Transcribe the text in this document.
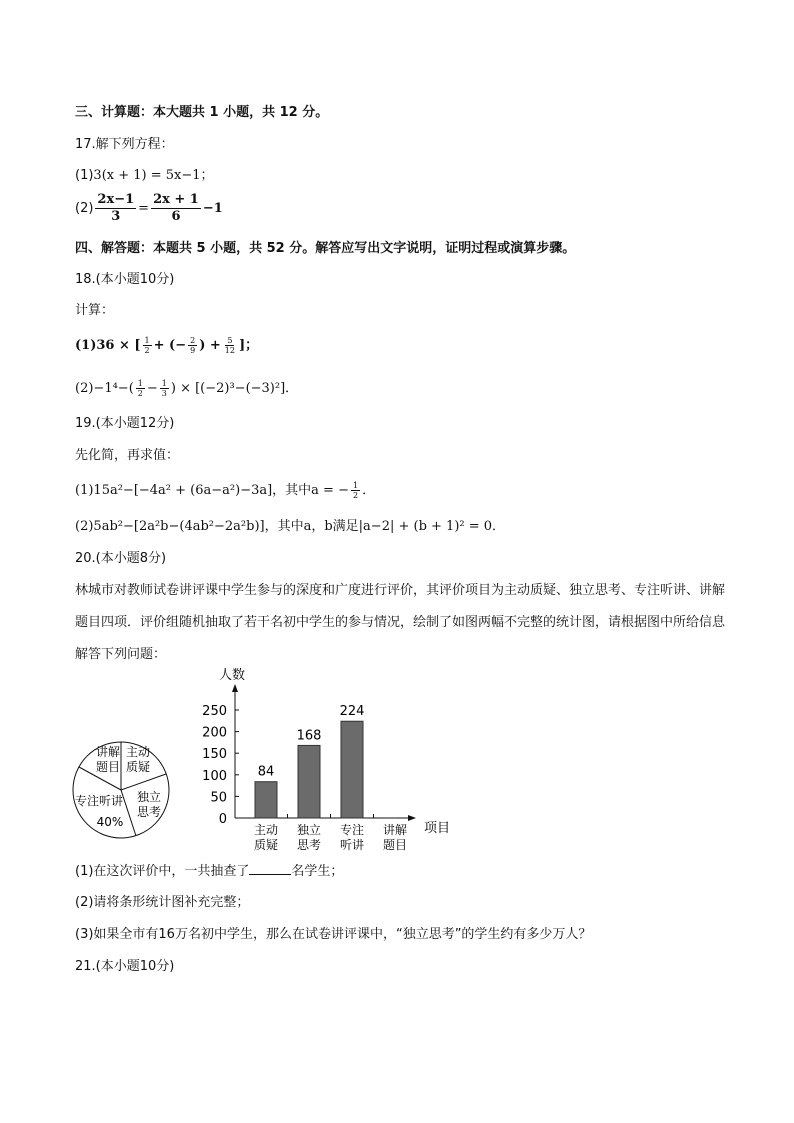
三、计算题：本大题共 1 小题，共 12 分。
17.解下列方程：
(1)3(x + 1) = 5x−1；
$(2) \frac{2x-1}{3} = \frac{2x + 1}{6} -1$
四、解答题：本题共 5 小题，共 52 分。解答应写出文字说明，证明过程或演算步骤。
18.(本小题10分)
计算：
(1)36 × [ $\frac{1}{2}$ + (− $\frac{2}{9}$ ) + $\frac{5}{12}$ ]；
$(2)-1^4-( \frac{1}{2} - \frac{1}{3}$ ) × [(−2)³−(−3)²]．
19.(本小题12分)
先化简，再求值：
(1)15a²−[−4a² + (6a−a²)−3a]，其中a = − $\frac{1}{2}$ ．
(2)5ab²−[2a²b−(4ab²−2a²b)]，其中a，b满足|a−2| + (b + 1)² = 0．
20.(本小题8分)
林城市对教师试卷讲评课中学生参与的深度和广度进行评价，其评价项目为主动质疑、独立思考、专注听讲、讲解题目四项．评价组随机抽取了若干名初中学生的参与情况，绘制了如图两幅不完整的统计图，请根据图中所给信息解答下列问题：
讲解
题目
主动
质疑
独立
思考
专注听讲
40%
人数
项目
0
50
100
150
200
250
主动
质疑
84
独立
思考
168
专注
听讲
224
讲解
题目
(1)在这次评价中，一共抽查了	名学生；
(2)请将条形统计图补充完整；
(3)如果全市有16万名初中学生，那么在试卷讲评课中，“独立思考”的学生约有多少万人？
21.(本小题10分)
